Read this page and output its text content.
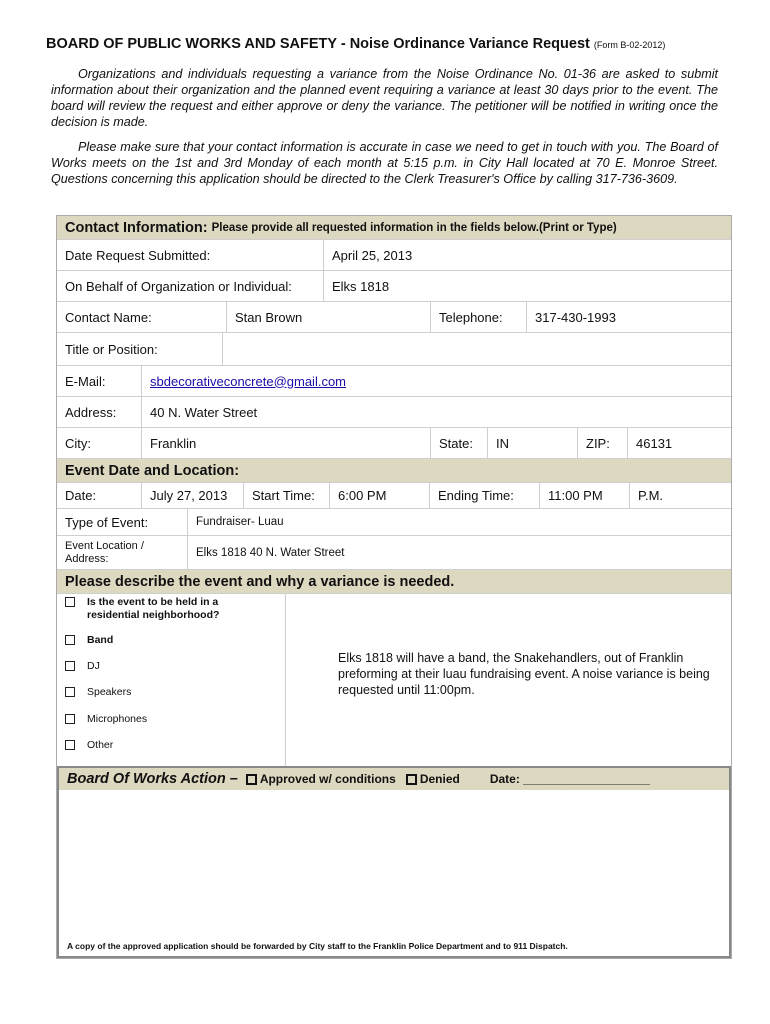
BOARD OF PUBLIC WORKS AND SAFETY - Noise Ordinance Variance Request (Form B-02-2012)

Organizations and individuals requesting a variance from the Noise Ordinance No. 01-36 are asked to submit information about their organization and the planned event requiring a variance at least 30 days prior to the event. The board will review the request and either approve or deny the variance. The petitioner will be notified in writing once the decision is made.

Please make sure that your contact information is accurate in case we need to get in touch with you. The Board of Works meets on the 1st and 3rd Monday of each month at 5:15 p.m. in City Hall located at 70 E. Monroe Street. Questions concerning this application should be directed to the Clerk Treasurer's Office by calling 317-736-3609.

Contact Information: Please provide all requested information in the fields below.(Print or Type)
Date Request Submitted:	April 25, 2013
On Behalf of Organization or Individual:	Elks 1818
Contact Name:	Stan Brown	Telephone:	317-430-1993
Title or Position:
E-Mail:	sbdecorativeconcrete@gmail.com
Address:	40 N. Water Street
City:	Franklin	State:	IN	ZIP:	46131
Event Date and Location:
Date:	July 27, 2013	Start Time:	6:00 PM	Ending Time:	11:00 PM	P.M.
Type of Event:	Fundraiser- Luau
Event Location / Address:	Elks 1818 40 N. Water Street
Please describe the event and why a variance is needed.
Is the event to be held in a residential neighborhood?
Band
DJ
Speakers
Microphones
Other
Elks 1818 will have a band, the Snakehandlers, out of Franklin preforming at their luau fundraising event. A noise variance is being requested until 11:00pm.
Board Of Works Action – Approved w/ conditions Denied	Date: ___________________
A copy of the approved application should be forwarded by City staff to the Franklin Police Department and to 911 Dispatch.
